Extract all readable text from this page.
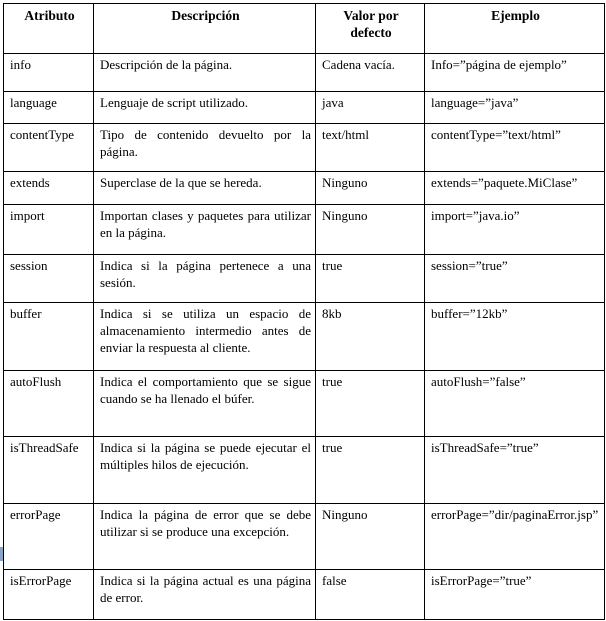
Atributo	Descripción	Valor por defecto	Ejemplo
info	Descripción de la página.	Cadena vacía.	Info=”página de ejemplo”
language	Lenguaje de script utilizado.	java	language=”java”
contentType	Tipo de contenido devuelto por la página.	text/html	contentType=”text/html”
extends	Superclase de la que se hereda.	Ninguno	extends=”paquete.MiClase”
import	Importan clases y paquetes para utilizar en la página.	Ninguno	import=”java.io”
session	Indica si la página pertenece a una sesión.	true	session=”true”
buffer	Indica si se utiliza un espacio de almacenamiento intermedio antes de enviar la respuesta al cliente.	8kb	buffer=”12kb”
autoFlush	Indica el comportamiento que se sigue cuando se ha llenado el búfer.	true	autoFlush=”false”
isThreadSafe	Indica si la página se puede ejecutar el múltiples hilos de ejecución.	true	isThreadSafe=”true”
errorPage	Indica la página de error que se debe utilizar si se produce una excepción.	Ninguno	errorPage=”dir/paginaError.jsp”
isErrorPage	Indica si la página actual es una página de error.	false	isErrorPage=”true”
